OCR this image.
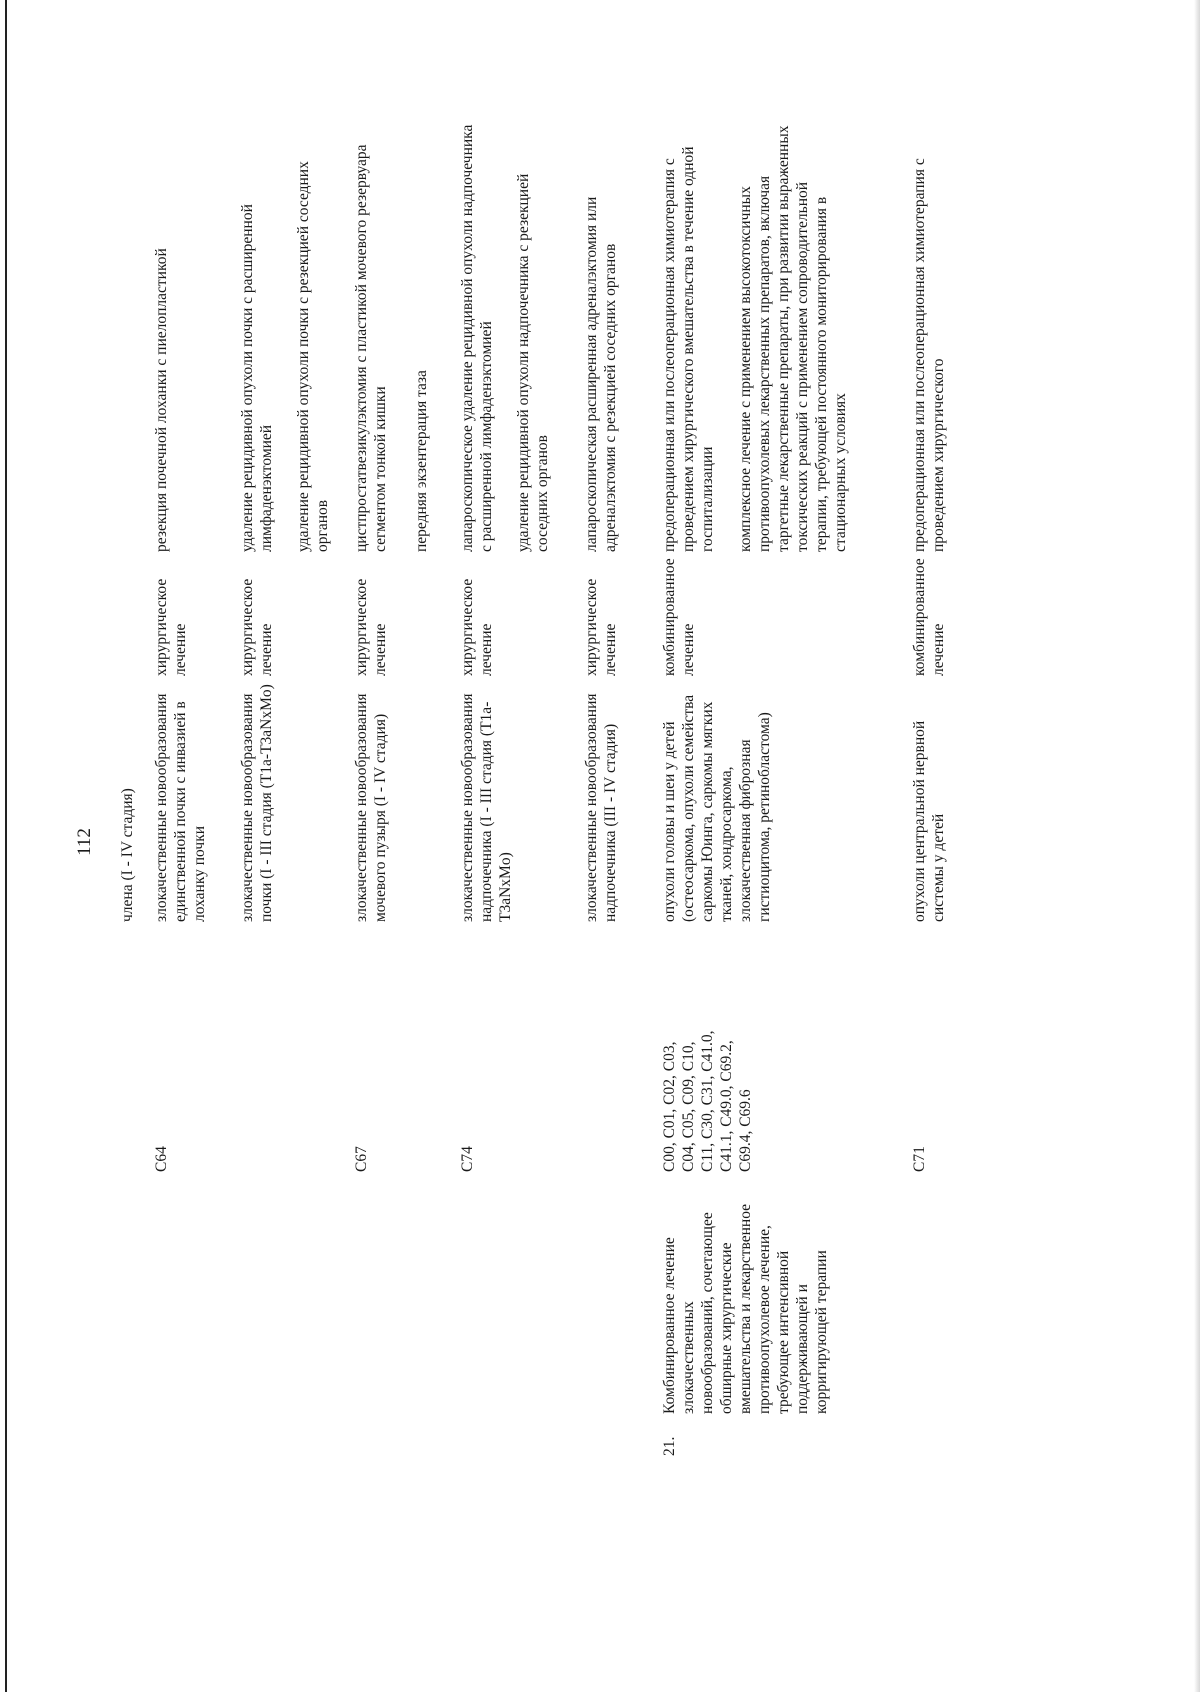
112 члена (I - IV стадия)
C64
злокачественные новообразования единственной почки с инвазией в лоханку почки
хирургическое лечение
резекция почечной лоханки с пиелопластикой
злокачественные новообразования почки (I - III стадия (T1a-T3aNxMo)
хирургическое лечение
удаление рецидивной опухоли почки с расширенной лимфаденэктомией удаление рецидивной опухоли почки с резекцией соседних органов
C67
злокачественные новообразования мочевого пузыря (I - IV стадия)
хирургическое лечение
цистпростатвезикулэктомия с пластикой мочевого резервуара сегментом тонкой кишки передняя экзентерация таза
C74
злокачественные новообразования надпочечника (I - III стадия (T1a-T3aNxMo)
хирургическое лечение
лапароскопическое удаление рецидивной опухоли надпочечника с расширенной лимфаденэктомией удаление рецидивной опухоли надпочечника с резекцией соседних органов
злокачественные новообразования надпочечника (III - IV стадия)
хирургическое лечение
лапароскопическая расширенная адреналэктомия или адреналэктомия с резекцией соседних органов
21.
Комбинированное лечение злокачественных новообразований, сочетающее обширные хирургические вмешательства и лекарственное противоопухолевое лечение, требующее интенсивной поддерживающей и корригирующей терапии
C00, C01, C02, C03, C04, C05, C09, C10, C11, C30, C31, C41.0, C41.1, C49.0, C69.2, C69.4, C69.6
опухоли головы и шеи у детей (остеосаркома, опухоли семейства саркомы Юинга, саркомы мягких тканей, хондросаркома, злокачественная фиброзная гистиоцитома, ретинобластома)
комбинированное лечение
предоперационная или послеоперационная химиотерапия с проведением хирургического вмешательства в течение одной госпитализации комплексное лечение с применением высокотоксичных противоопухолевых лекарственных препаратов, включая таргетные лекарственные препараты, при развитии выраженных токсических реакций с применением сопроводительной терапии, требующей постоянного мониторирования в стационарных условиях
C71
опухоли центральной нервной системы у детей
комбинированное лечение
предоперационная или послеоперационная химиотерапия с проведением хирургического
